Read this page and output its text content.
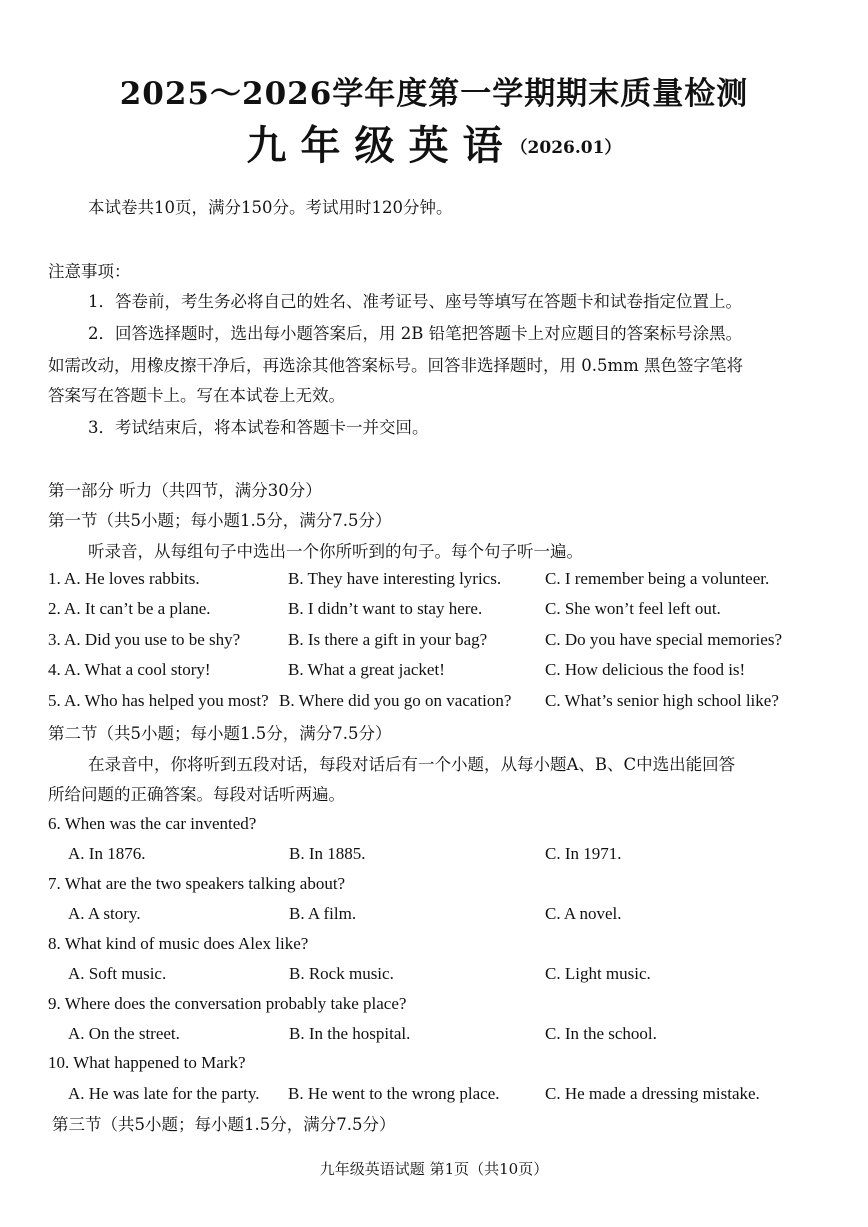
2025～2026学年度第一学期期末质量检测
九年级英语（2026.01）
本试卷共10页，满分150分。考试用时120分钟。
注意事项：
1．答卷前，考生务必将自己的姓名、准考证号、座号等填写在答题卡和试卷指定位置上。
2．回答选择题时，选出每小题答案后，用 2B 铅笔把答题卡上对应题目的答案标号涂黑。
如需改动，用橡皮擦干净后，再选涂其他答案标号。回答非选择题时，用 0.5mm 黑色签字笔将
答案写在答题卡上。写在本试卷上无效。
3．考试结束后，将本试卷和答题卡一并交回。
第一部分 听力（共四节，满分30分）
第一节（共5小题；每小题1.5分，满分7.5分）
听录音，从每组句子中选出一个你所听到的句子。每个句子听一遍。
1. A. He loves rabbits.	B. They have interesting lyrics.	C. I remember being a volunteer.
2. A. It can’t be a plane.	B. I didn’t want to stay here.	C. She won’t feel left out.
3. A. Did you use to be shy?	B. Is there a gift in your bag?	C. Do you have special memories?
4. A. What a cool story!	B. What a great jacket!	C. How delicious the food is!
5. A. Who has helped you most? B. Where did you go on vacation? C. What’s senior high school like?
第二节（共5小题；每小题1.5分，满分7.5分）
在录音中，你将听到五段对话，每段对话后有一个小题，从每小题A、B、C中选出能回答
所给问题的正确答案。每段对话听两遍。
6. When was the car invented?
A. In 1876.	B. In 1885.	C. In 1971.
7. What are the two speakers talking about?
A. A story.	B. A film.	C. A novel.
8. What kind of music does Alex like?
A. Soft music.	B. Rock music.	C. Light music.
9. Where does the conversation probably take place?
A. On the street.	B. In the hospital.	C. In the school.
10. What happened to Mark?
A. He was late for the party. B. He went to the wrong place.	C. He made a dressing mistake.
第三节（共5小题；每小题1.5分，满分7.5分）
九年级英语试题 第1页（共10页）
